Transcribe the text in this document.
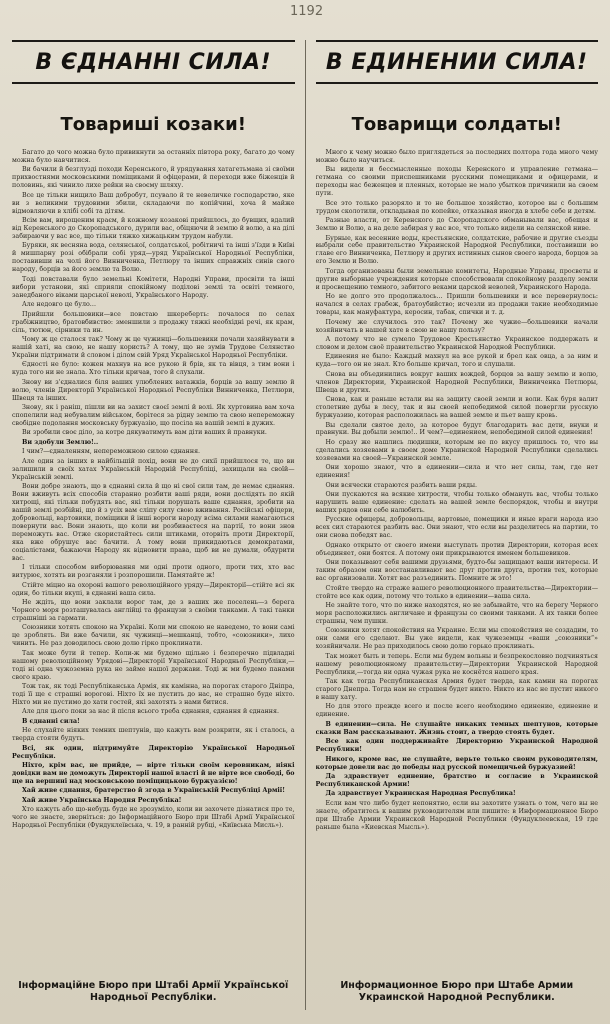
1192
В ЄДНАННІ СИЛА!
Товариші козаки!

Багато до чого можна було привикнути за останніх півтора року, багато до чому можна було навчитися.

Ви бачили й безглузді походи Керенського, й урядування хатагетьмана зі своїми прихвостнями московськими поміщиками й офіцерами, й переходи вже біженців й половинь, які чинило лихе рейки на своєму шляху.

Все це тільки нищило Ваш добробут, псувало й те невеличке господарство, яке ви з великими трудовими збили, складаючи по копійчині, хоча й майже відмовляючи в хлібі собі та дітям.

Всім вам, вирощеним краєм, й кожному козакові прийшлось, до бувщих, вдалий від Керенського до Скоропадського, дурили вас, обіцяючи й землю й волю, а на ділі забираючи у вас все, що тільки тяжко хижацьким трудом набули.

Буряки, як весняна вода, селянської, солдатської, робітничі та інші з'їзди в Київі й мишпарну розі обібрали собі уряд—уряд Української Народньої Республіки, поставивши на чолі його Винниченка, Петлюру та інших справжніх синів свого народу, борців за його землю та Волю.

Тоді повставали було земельні Комітети, Народні Управи, просвіти та інші вибори установи, які сприяли спокійному поділові землі та освіті темного, занедбаного віками царської неволі, Українського Народу.

Але недовго це було…

Прийшли большовики—все повстаю шкереберть: почалося по селах грабіжництво, братовбивство: зменшили з продажу тяжкі необхідні речі, як крам, сіль, тютюн, сірники та ин.

Чому ж це сталося так? Чому ж це чужинці—большевики почали хазяйнувати в нашій хаті, на свою, не нашу користь? А тому, що не зумів Трудове Селянство України підтримати й словом і ділом свій Уряд Української Народньої Республіки.

Єдності не було: кожен махнув на все рукою й брів, як та вівця, з тим вони і куда того ни не знала. Хто тільки кричав, того й слухали.

Знову ви з'єдналися біля ваших улюблених ватажків, борців за вашу землю й волю, членів Директорії Української Народньої Республіки Винниченка, Петлюри, Швеця та інших.

Знову, як і раніш, пішли ви на захист своєї землі й волі. Як хуртовина вам хоча спопелили над небувалим військом, борітеся за рідну землю та свою непереможну свобідне подолання московську буржуазію, що посіла на вашій землі в дужих.

Ви зробили своє діло, за котре дякуватимуть вам діти ваших й правнуки.

Ви здобули Землю!..

І чим?—єдналенням, непереможною силою єднання.

Але один за інших в найбільшій похід, вони не до сихії прийшлося те, що ви залишили в своїх хатах Українській Народній Республіці, захищали на своїй—Українській землі.

Вони добре знають, що в єднанні сила й що ні свої сили там, де немає єднання. Вони вживуть всіх способів старанно розбити ваші ряди, вони дослідять по якій хитрощі, які тільки побудять вас, які тільки порушать ваше єднання, зробити на вашій землі розбійні, що й з усіх вам сліпу силу свою вживання. Російські офіцери, добровольці, вартовики, поміщики й інші вороги народу всіма силами намагаються повернути вас. Вони знають, що коли ви розбиваєтеся на партії, то вони знов переможуть вас. Отже скористайтесь сили штиками, оторвіть проти Директорії, яка вже обрушує вас бачити. А тому вони прикидаються демократами, соціалістами, бажаючи Народу як відновити права, щоб ви не думали, обдурити вас.

І тільки способом виборювання ми одні проти одного, проти тих, хто вас витурює, хотять ви розганяли і розпорошили. Памятайте ж!

Стійте міцно на охороні вашого революційного уряду—Директорії—стійте всі як один, бо тільки вкупі, в єднанні ваша сила.

Не ждіть, що вони заклали ворог там, де з ваших же поселень—з берега Чорного моря розташувалась англійці та французи з своїми танками. А такі танки страшніші за гармати.

Союзники хотять спокою на Україні. Коли ми спокою не наведемо, то вони самі це зроблять. Ви вже бачили, як чужинці—мешканці, тобто, «союзники», лихо чинить. Не раз доводилось свою долю гірко проклинати.

Так може бути й тепер. Коли-ж ми будемо щільно і безперечно підвладні нашому революційному Урядові—Директорії Української Народньої Республіки,—тоді ні одна чужоземна рука не займе нашої держави. Тоді ж ми будемо панами свого краю.

Тож так, як тоді Республіканська Армія, як камінна, на порогах старого Дніпра, тоді її ще є страшні ворогові. Ніхто їх не пустить до нас, не страшно буде ніхто. Ніхто ми не пустимо до хати гостей, які захотять з нами битися.

Але для цього поки за нас й після всього треба єднання, єднання й єднання.

В єднанні сила!

Не слухайте ніяких темних шептунів, що кажуть вам розкрити, як і сталось, а тверда стояти будуть.

Всі, як один, підтримуйте Директорію Української Народньої Республіки.

Ніхто, крім вас, не прийде, — вірте тільки своїм керовникам, ніякі довідки вам не доможуть Директорії нашої власті й не вірте все свободі, бо ще на вершині над московською поміщицькою буржуазією!

Хай живе єднання, братерство й згода в Українській Республіці Армії!

Хай живе Українська Народня Республіка!

Хто кажуть або що-небудь буде не зрозуміло, коли ви захочете дізнатися про те, чого не знаєте, зверніться: до Інформаційного Бюро при Штабі Армії Української Народньої Республіки (Фундуклеївська, ч. 19, в ранній рубці, «Київська Мисль»).

Інформаційне Бюро при Штабі Армії Української Народньої Республіки.
В ЕДИНЕНИИ СИЛА!
Товарищи солдаты!

Много к чему можно было приглядеться за последних полтора года много чему можно было научиться.

Вы видели и бессмысленные походы Керенского и управление гетмана—гетмана со своими приспешниками русскими помещиками и офицерами, и переходы нас беженцев и пленных, которые не мало убытков причинили на своем пути.

Все это только разоряло и то не большое хозяйство, которое вы с большим трудом сколотили, откладывая по копейке, отказывая иногда в хлебе себе и детям.

Разные власти, от Керенского до Скоропадского обманывали вас, обещая и Землю и Волю, а на деле забирая у вас все, что только видели на селянской ниве.

Бурные, как весенние воды, крестьянские, солдатские, рабочие и другие съезды выбрали себе правительство Украинской Народной Республики, поставивши во главе его Винниченка, Петлюру и других истинных сынов своего народа, борцов за его Землю и Волю.

Тогда организованы были земельные комитеты, Народные Управы, просветы и другие выборные учреждения которые способствовали спокойному разделу земли и просвещению темного, забитого веками царской неволей, Украинского Народа.

Но не долго это продолжалось... Пришли большевики и все перевернулось: начался в селах грабеж, братоубийство; исчезли из продажи такие необходимые товары, как мануфактура, керосин, табак, спички и т. д.

Почему же случилось это так? Почему же чужие—большевики начали хозяйничать в нашей хате в свою не нашу пользу?

А потому что не сумело Трудовое Крестьянство Украинское поддержать и словом и делом своё правительство Украинской Народной Республики.

Единения не было: Каждый махнул на все рукой и брел как овца, а за ним и куда—того он не знал. Кто больше кричал, того и слушали.

Снова вы объединились вокруг ваших вождей, борцов за вашу землю и волю, членов Директории, Украинской Народной Республики, Винниченка Петлюры, Швеца и других.

Снова, как и раньше встали вы на защиту своей земли и воли. Как буря валит столетние дубы в лесу, так и вы своей непобедимой силой повергли русскую буржуазию, которая расположилась на вашей земле и пьет вашу кровь.

Вы сделали святое дело, за которое будут благодарить вас дети, внуки и правнуки. Вы добыли землю!.. И чем?—единением, непобедимой силой единения!

Но сразу же нашлись людишки, которым не по вкусу пришлось то, что вы сделались хозяевами в своем доме Украинской Народной Республики сделались хозяевами на своей—Украинской земле.

Они хорошо знают, что в единении—сила и что нет силы, там, где нет единения!

Они всячески стараются разбить ваши ряды.

Они пускаются на всякие хитрости, чтобы только обмануть вас, чтобы только нарушить ваше единение: сделать на вашей земле беспорядок, чтобы и внутри ваших рядов они себе налюбить.

Русские офицеры, добровольцы, вартовые, помещики и иные враги народа изо всех сил стараются разбить вас. Они знают, что если вы разделитесь на партии, то они снова победят вас.

Однако открыто от своего имени выступать против Директории, которая всех объединяет, они боятся. А потому они прикрываются именем большевиков.

Они показывают себя вашими друзьями, будто-бы защищают ваши интересы. И таким образом они восстанавливают вас друг против друга, против тех, которые вас организовали. Хотят вас разъединить. Помните ж это!

Стойте твердо на страже вашего революционного правительства—Директории—стойте все как один, потому что только в единении—ваша сила.

Не знайте того, что по ниже находятся, но не забывайте, что на берегу Черного моря расположились англичане и французы со своими танками. А их танки более страшны, чем пушки.

Союзники хотят спокойствия на Украине. Если мы спокойствия не создадим, то они сами его сделают. Вы уже видели, как чужеземцы «ваши „союзники“» хозяйничали. Не раз приходилось свою долю горько проклинать.

Так может быть и теперь. Если мы будем вольны и безпрекословно подчиняться нашему революционному правительству—Директории Украинской Народной Республики,—тогда ни одна чужая рука не коснётся нашего края.

Так как тогда Республиканская Армия будет тверда, как камни на порогах старого Днепра. Тогда нам не страшен будет никто. Никто из нас не пустит никого в нашу хату.

Но для этого прежде всего и после всего необходимо единение, единение и единение.

В единении—сила. Не слушайте никаких темных шептунов, которые сказки Вам рассказывают. Жизнь стоит, а твердо стоять будет.

Все как один поддерживайте Директорию Украинской Народной Республики!

Никого, кроме вас, не слушайте, верьте только своим руководителям, которые довели вас до победы над русской помещичьей буржуазией!

Да здравствует единение, братство и согласие в Украинской Республиканской Армии!

Да здравствует Украинская Народная Республика!

Если вам что либо будет непонятно, если вы захотите узнать о том, чего вы не знаете, обратитесь к вашим руководителям или пишите: в Информационное Бюро при Штабе Армии Украинской Народной Республики (Фундуклеевская, 19 где раньше была «Киевская Мысль»).

Информационное Бюро при Штабе Армии Украинской Народной Республики.
